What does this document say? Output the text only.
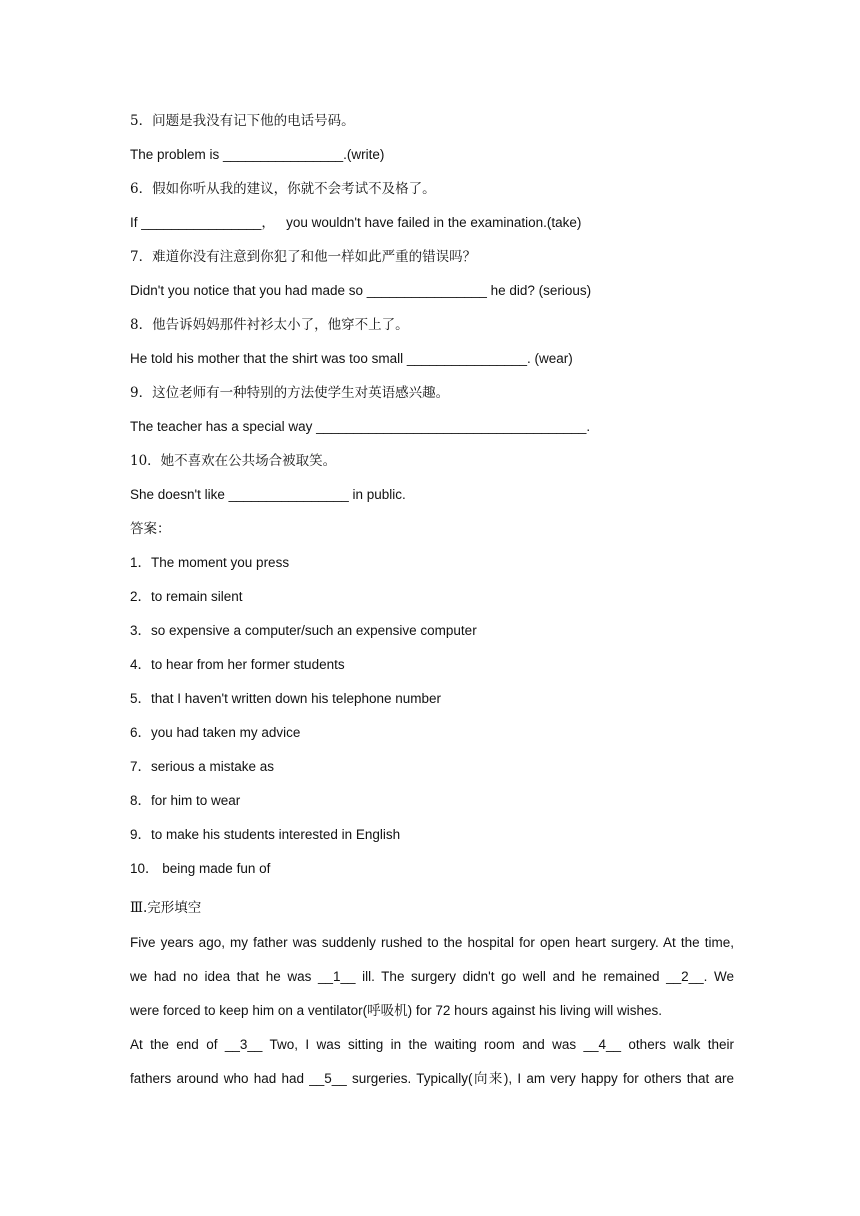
5．问题是我没有记下他的电话号码。
The problem is ________________.(write)
6．假如你听从我的建议，你就不会考试不及格了。
If ________________，   you wouldn't have failed in the examination.(take)
7．难道你没有注意到你犯了和他一样如此严重的错误吗？
Didn't you notice that you had made so ________________ he did? (serious)
8．他告诉妈妈那件衬衫太小了，他穿不上了。
He told his mother that the shirt was too small ________________. (wear)
9．这位老师有一种特别的方法使学生对英语感兴趣。
The teacher has a special way ____________________________________.
10．她不喜欢在公共场合被取笑。
She doesn't like ________________ in public.
答案：
1．The moment you press
2．to remain silent
3．so expensive a computer/such an expensive computer
4．to hear from her former students
5．that I haven't written down his telephone number
6．you had taken my advice
7．serious a mistake as
8．for him to wear
9．to make his students interested in English
10． being made fun of
Ⅲ.完形填空
Five years ago, my father was suddenly rushed to the hospital for open heart surgery. At the time,
we had no idea that he was __1__ ill. The surgery didn't go well and he remained __2__. We
were forced to keep him on a ventilator(呼吸机) for 72 hours against his living will wishes.
At the end of __3__ Two, I was sitting in the waiting room and was __4__ others walk their
fathers around who had had __5__ surgeries. Typically(向来), I am very happy for others that are
